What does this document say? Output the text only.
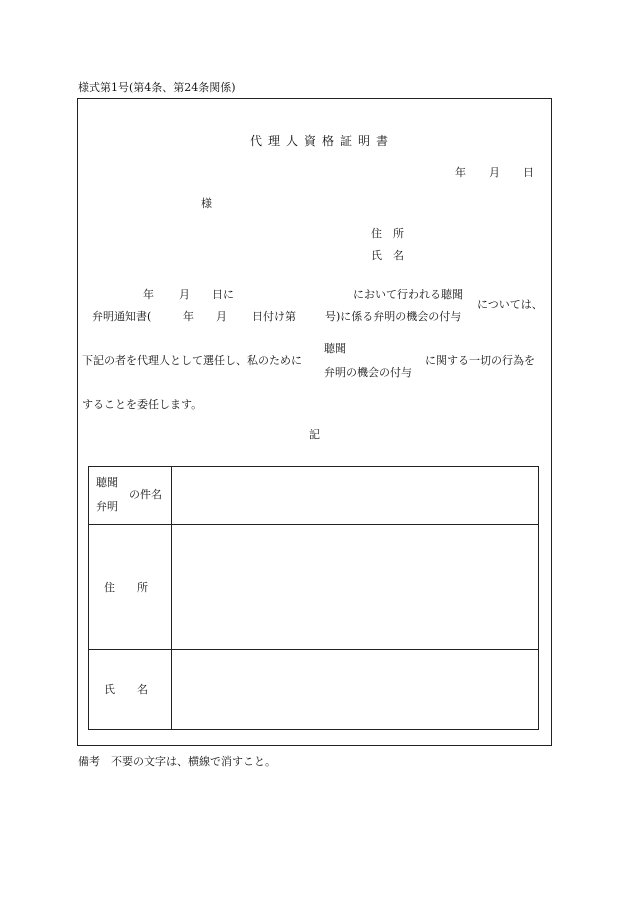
様式第1号(第4条、第24条関係)
代理人資格証明書
年 月 日
様
住　所
氏　名
年 月 日に	において行われる聴聞
については、
弁明通知書(	年 月 日付け第	号)に係る弁明の機会の付与
下記の者を代理人として選任し、私のために
聴聞
弁明の機会の付与
に関する一切の行為を
することを委任します。
記
聴聞
弁明
の件名
住　　所
氏　　名
備考　不要の文字は、横線で消すこと。
